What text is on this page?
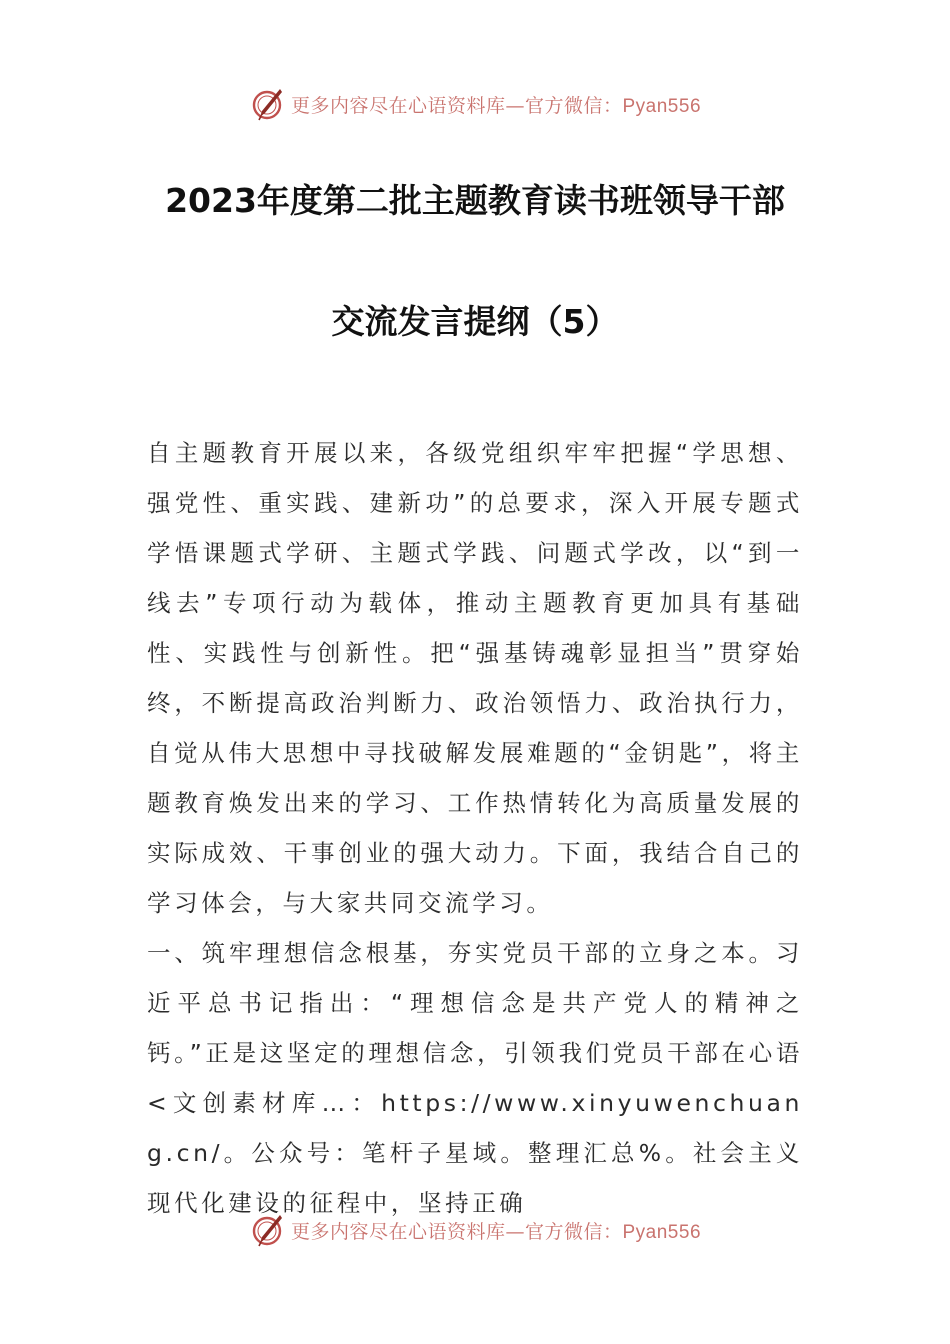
更多内容尽在心语资料库—官方微信：Pyan556
2023年度第二批主题教育读书班领导干部
交流发言提纲（5）

自主题教育开展以来，各级党组织牢牢把握“学思想、强党性、重实践、建新功”的总要求，深入开展专题式学悟课题式学研、主题式学践、问题式学改，以“到一线去”专项行动为载体，推动主题教育更加具有基础性、实践性与创新性。把“强基铸魂彰显担当”贯穿始终，不断提高政治判断力、政治领悟力、政治执行力，自觉从伟大思想中寻找破解发展难题的“金钥匙”，将主题教育焕发出来的学习、工作热情转化为高质量发展的实际成效、干事创业的强大动力。下面，我结合自己的学习体会，与大家共同交流学习。

一、筑牢理想信念根基，夯实党员干部的立身之本。习近平总书记指出：“理想信念是共产党人的精神之钙。”正是这坚定的理想信念，引领我们党员干部在心语<文创素材库…：https://www.xinyuwenchuang.cn/。公众号：笔杆子星域。整理汇总%。社会主义现代化建设的征程中，坚持正确

更多内容尽在心语资料库—官方微信：Pyan556
